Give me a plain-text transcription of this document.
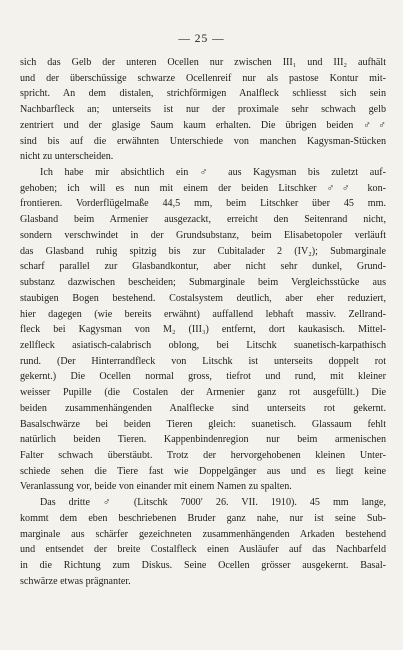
— 25 —
sich das Gelb der unteren Ocellen nur zwischen III₁ und III₂ aufhält
und der überschüssige schwarze Ocellenreif nur als pastose Kontur mit-
spricht. An dem distalen, strichförmigen Analfleck schliesst sich sein
Nachbarfleck an; unterseits ist nur der proximale sehr schwach gelb
zentriert und der glasige Saum kaum erhalten. Die übrigen beiden ♂♂
sind bis auf die erwähnten Unterschiede von manchen Kagysman-Stücken
nicht zu unterscheiden.
Ich habe mir absichtlich ein ♂ aus Kagysman bis zuletzt auf-
gehoben; ich will es nun mit einem der beiden Litschker ♂♂ kon-
frontieren. Vorderflügelmaße 44,5 mm, beim Litschker über 45 mm.
Glasband beim Armenier ausgezackt, erreicht den Seitenrand nicht,
sondern verschwindet in der Grundsubstanz, beim Elisabetopoler verläuft
das Glasband ruhig spitzig bis zur Cubitalader 2 (IV₂); Submarginale
scharf parallel zur Glasbandkontur, aber nicht sehr dunkel, Grund-
substanz dazwischen bescheiden; Submarginale beim Vergleichsstücke aus
staubigen Bogen bestehend. Costalsystem deutlich, aber eher reduziert,
hier dagegen (wie bereits erwähnt) auffallend lebhaft massiv. Zellrand-
fleck bei Kagysman von M₂ (III₃) entfernt, dort kaukasisch. Mittel-
zellfleck asiatisch-calabrisch oblong, bei Litschk suanetisch-karpathisch
rund. (Der Hinterrandfleck von Litschk ist unterseits doppelt rot
gekernt.) Die Ocellen normal gross, tiefrot und rund, mit kleiner
weisser Pupille (die Costalen der Armenier ganz rot ausgefüllt.) Die
beiden zusammenhängenden Analflecke sind unterseits rot gekernt.
Basalschwärze bei beiden Tieren gleich: suanetisch. Glassaum fehlt
natürlich beiden Tieren. Kappenbindenregion nur beim armenischen
Falter schwach überstäubt. Trotz der hervorgehobenen kleinen Unter-
schiede sehen die Tiere fast wie Doppelgänger aus und es liegt keine
Veranlassung vor, beide von einander mit einem Namen zu spalten.
Das dritte ♂ (Litschk 7000′ 26. VII. 1910). 45 mm lange,
kommt dem eben beschriebenen Bruder ganz nahe, nur ist seine Sub-
marginale aus schärfer gezeichneten zusammenhängenden Arkaden bestehend
und entsendet der breite Costalfleck einen Ausläufer auf das Nachbarfeld
in die Richtung zum Diskus. Seine Ocellen grösser ausgekernt. Basal-
schwärze etwas prägnanter.
